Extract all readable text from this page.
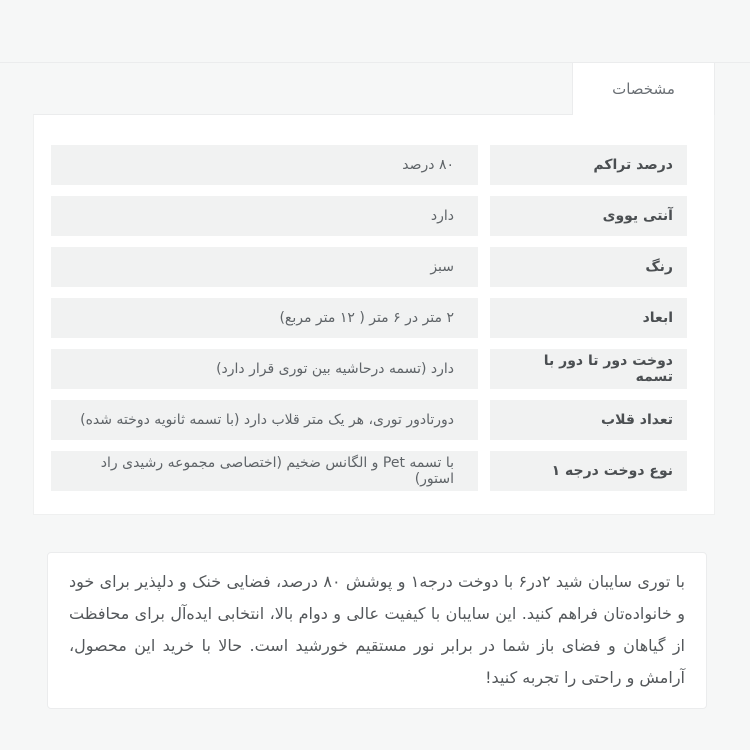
مشخصات
درصد تراکم
۸۰ درصد
آنتی یووی
دارد
رنگ
سبز
ابعاد
۲ متر در ۶ متر ( ۱۲ متر مربع)
دوخت دور تا دور با تسمه
دارد (تسمه درحاشیه بین توری قرار دارد)
تعداد قلاب
دورتادور توری، هر یک متر قلاب دارد (با تسمه ثانویه دوخته شده)
نوع دوخت درجه ۱
با تسمه Pet و الگانس ضخیم (اختصاصی مجموعه رشیدی راد استور)

با توری سایبان شید ۲در۶ با دوخت درجه۱ و پوشش ۸۰ درصد، فضایی خنک و دلپذیر برای خود و خانواده‌تان فراهم کنید. این سایبان با کیفیت عالی و دوام بالا، انتخابی ایده‌آل برای محافظت از گیاهان و فضای باز شما در برابر نور مستقیم خورشید است. حالا با خرید این محصول، آرامش و راحتی را تجربه کنید!
